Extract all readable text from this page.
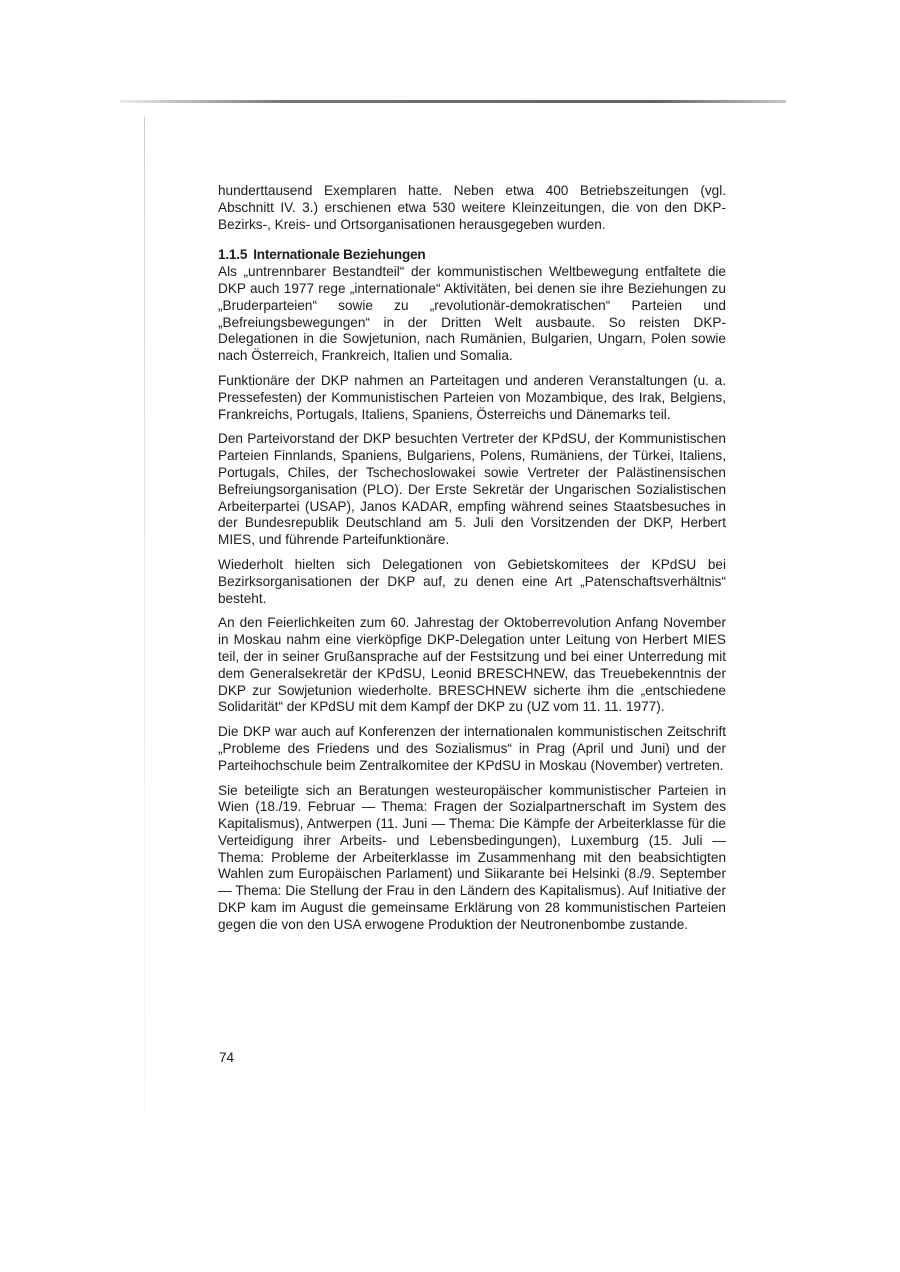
hunderttausend Exemplaren hatte. Neben etwa 400 Betriebszeitungen (vgl. Abschnitt IV. 3.) erschienen etwa 530 weitere Kleinzeitungen, die von den DKP-Bezirks-, Kreis- und Ortsorganisationen herausgegeben wurden.

1.1.5 Internationale Beziehungen

Als „untrennbarer Bestandteil“ der kommunistischen Weltbewegung entfaltete die DKP auch 1977 rege „internationale“ Aktivitäten, bei denen sie ihre Beziehungen zu „Bruderparteien“ sowie zu „revolutionär-demokratischen“ Parteien und „Befreiungsbewegungen“ in der Dritten Welt ausbaute. So reisten DKP-Delegationen in die Sowjetunion, nach Rumänien, Bulgarien, Ungarn, Polen sowie nach Österreich, Frankreich, Italien und Somalia.

Funktionäre der DKP nahmen an Parteitagen und anderen Veranstaltungen (u. a. Pressefesten) der Kommunistischen Parteien von Mozambique, des Irak, Belgiens, Frankreichs, Portugals, Italiens, Spaniens, Österreichs und Dänemarks teil.

Den Parteivorstand der DKP besuchten Vertreter der KPdSU, der Kommunistischen Parteien Finnlands, Spaniens, Bulgariens, Polens, Rumäniens, der Türkei, Italiens, Portugals, Chiles, der Tschechoslowakei sowie Vertreter der Palästinensischen Befreiungsorganisation (PLO). Der Erste Sekretär der Ungarischen Sozialistischen Arbeiterpartei (USAP), Janos KADAR, empfing während seines Staatsbesuches in der Bundesrepublik Deutschland am 5. Juli den Vorsitzenden der DKP, Herbert MIES, und führende Parteifunktionäre.

Wiederholt hielten sich Delegationen von Gebietskomitees der KPdSU bei Bezirksorganisationen der DKP auf, zu denen eine Art „Patenschaftsverhältnis“ besteht.

An den Feierlichkeiten zum 60. Jahrestag der Oktoberrevolution Anfang November in Moskau nahm eine vierköpfige DKP-Delegation unter Leitung von Herbert MIES teil, der in seiner Grußansprache auf der Festsitzung und bei einer Unterredung mit dem Generalsekretär der KPdSU, Leonid BRESCHNEW, das Treuebekenntnis der DKP zur Sowjetunion wiederholte. BRESCHNEW sicherte ihm die „entschiedene Solidarität“ der KPdSU mit dem Kampf der DKP zu (UZ vom 11. 11. 1977).

Die DKP war auch auf Konferenzen der internationalen kommunistischen Zeitschrift „Probleme des Friedens und des Sozialismus“ in Prag (April und Juni) und der Parteihochschule beim Zentralkomitee der KPdSU in Moskau (November) vertreten.

Sie beteiligte sich an Beratungen westeuropäischer kommunistischer Parteien in Wien (18./19. Februar — Thema: Fragen der Sozialpartnerschaft im System des Kapitalismus), Antwerpen (11. Juni — Thema: Die Kämpfe der Arbeiterklasse für die Verteidigung ihrer Arbeits- und Lebensbedingungen), Luxemburg (15. Juli — Thema: Probleme der Arbeiterklasse im Zusammenhang mit den beabsichtigten Wahlen zum Europäischen Parlament) und Siikarante bei Helsinki (8./9. September — Thema: Die Stellung der Frau in den Ländern des Kapitalismus). Auf Initiative der DKP kam im August die gemeinsame Erklärung von 28 kommunistischen Parteien gegen die von den USA erwogene Produktion der Neutronenbombe zustande.

74
